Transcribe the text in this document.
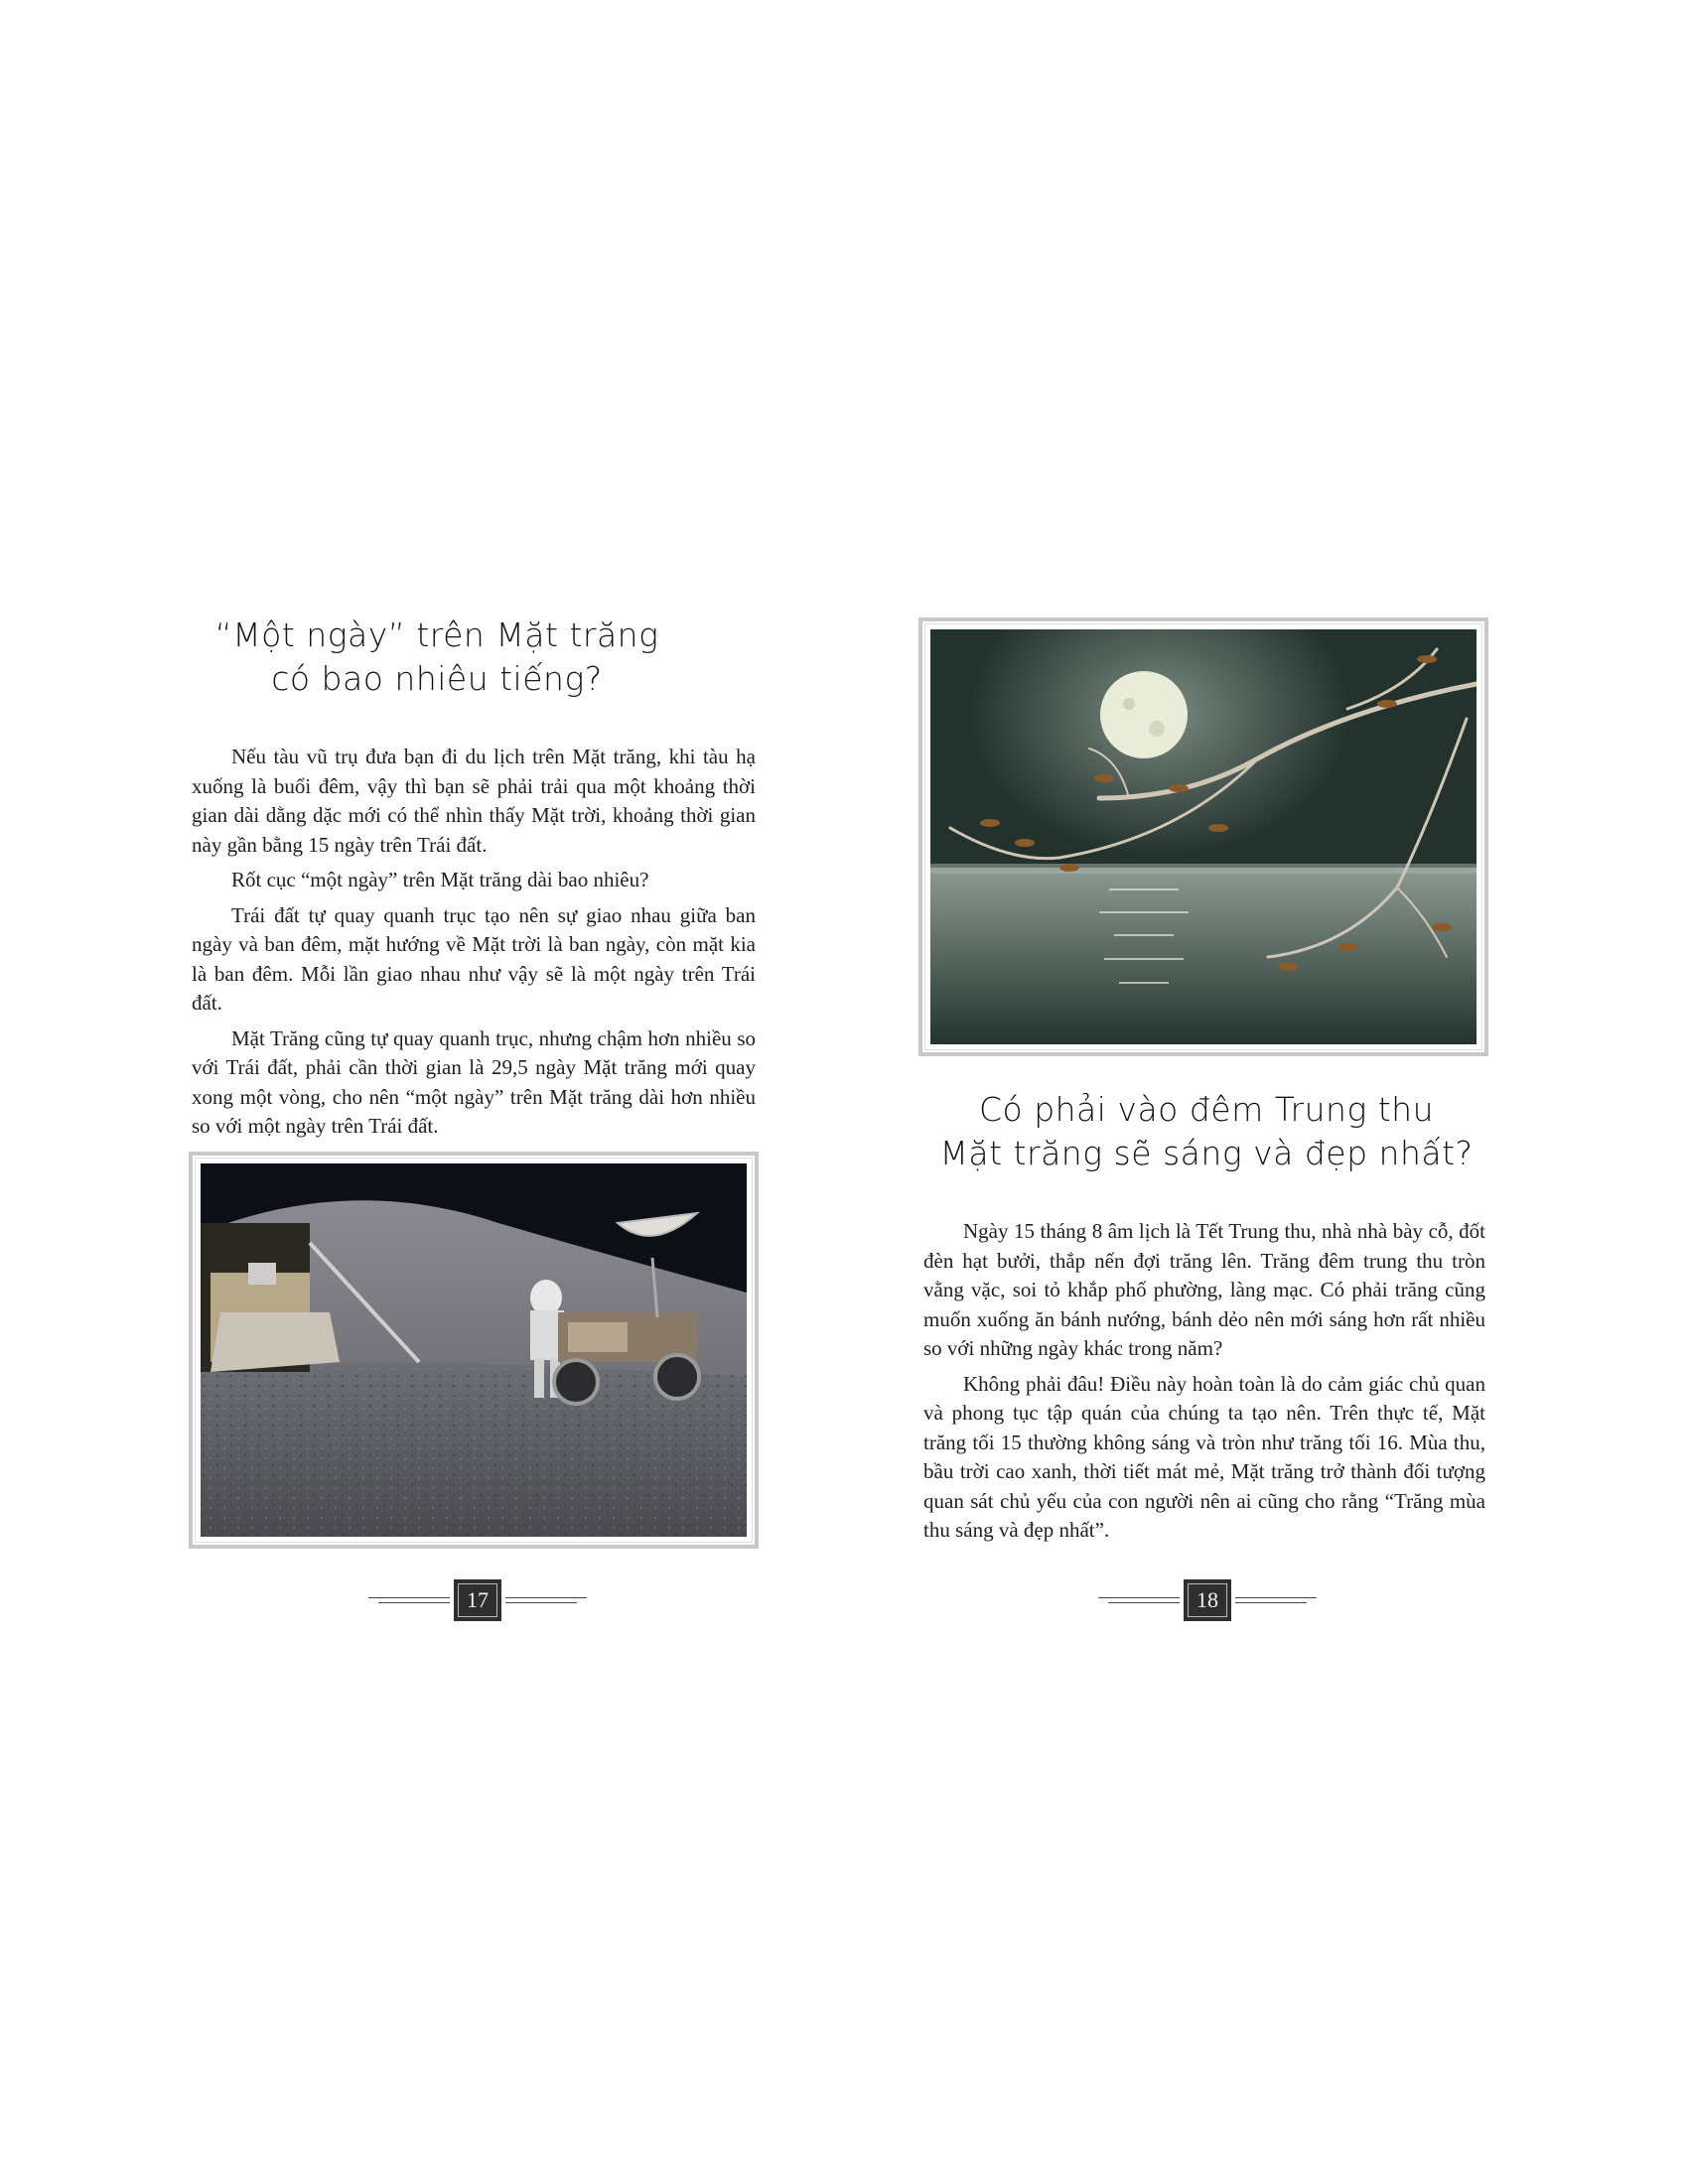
“Một ngày” trên Mặt trăng
có bao nhiêu tiếng?

Nếu tàu vũ trụ đưa bạn đi du lịch trên Mặt trăng, khi tàu hạ xuống là buổi đêm, vậy thì bạn sẽ phải trải qua một khoảng thời gian dài dằng dặc mới có thể nhìn thấy Mặt trời, khoảng thời gian này gần bằng 15 ngày trên Trái đất.

Rốt cục “một ngày” trên Mặt trăng dài bao nhiêu?

Trái đất tự quay quanh trục tạo nên sự giao nhau giữa ban ngày và ban đêm, mặt hướng về Mặt trời là ban ngày, còn mặt kia là ban đêm. Mỗi lần giao nhau như vậy sẽ là một ngày trên Trái đất.

Mặt Trăng cũng tự quay quanh trục, nhưng chậm hơn nhiều so với Trái đất, phải cần thời gian là 29,5 ngày Mặt trăng mới quay xong một vòng, cho nên “một ngày” trên Mặt trăng dài hơn nhiều so với một ngày trên Trái đất.

17
Có phải vào đêm Trung thu
Mặt trăng sẽ sáng và đẹp nhất?

Ngày 15 tháng 8 âm lịch là Tết Trung thu, nhà nhà bày cỗ, đốt đèn hạt bưởi, thắp nến đợi trăng lên. Trăng đêm trung thu tròn vằng vặc, soi tỏ khắp phố phường, làng mạc. Có phải trăng cũng muốn xuống ăn bánh nướng, bánh dẻo nên mới sáng hơn rất nhiều so với những ngày khác trong năm?

Không phải đâu! Điều này hoàn toàn là do cảm giác chủ quan và phong tục tập quán của chúng ta tạo nên. Trên thực tế, Mặt trăng tối 15 thường không sáng và tròn như trăng tối 16. Mùa thu, bầu trời cao xanh, thời tiết mát mẻ, Mặt trăng trở thành đối tượng quan sát chủ yếu của con người nên ai cũng cho rằng “Trăng mùa thu sáng và đẹp nhất”.

18
